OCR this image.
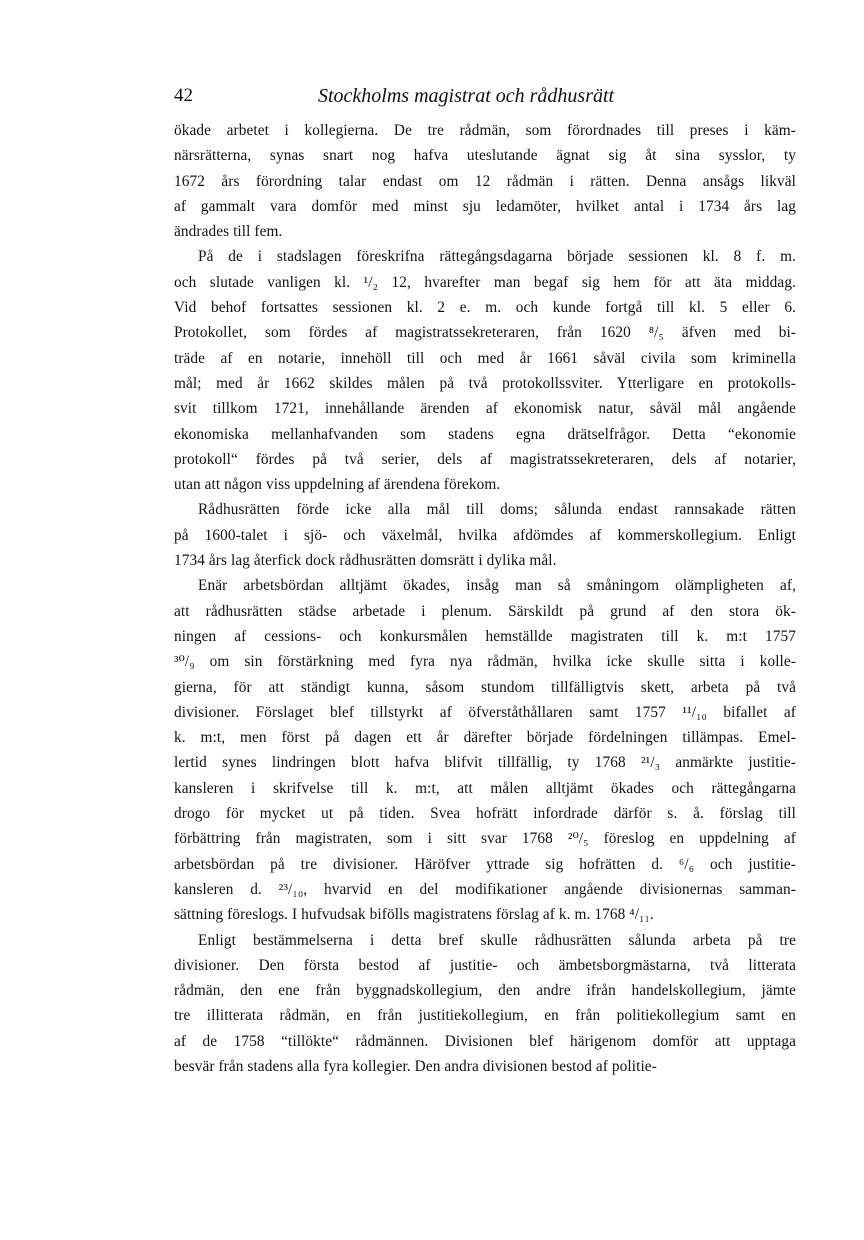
42	Stockholms magistrat och rådhusrätt
ökade arbetet i kollegierna. De tre rådmän, som förordnades till preses i käm-
närsrätterna, synas snart nog hafva uteslutande ägnat sig åt sina sysslor, ty
1672 års förordning talar endast om 12 rådmän i rätten. Denna ansågs likväl
af gammalt vara domför med minst sju ledamöter, hvilket antal i 1734 års lag
ändrades till fem.
På de i stadslagen föreskrifna rättegångsdagarna började sessionen kl. 8 f. m.
och slutade vanligen kl. ¹/₂ 12, hvarefter man begaf sig hem för att äta middag.
Vid behof fortsattes sessionen kl. 2 e. m. och kunde fortgå till kl. 5 eller 6.
Protokollet, som fördes af magistratssekreteraren, från 1620 ⁸/₅ äfven med bi-
träde af en notarie, innehöll till och med år 1661 såväl civila som kriminella
mål; med år 1662 skildes målen på två protokollssviter. Ytterligare en protokolls-
svit tillkom 1721, innehållande ärenden af ekonomisk natur, såväl mål angående
ekonomiska mellanhafvanden som stadens egna drätselfrågor. Detta “ekonomie
protokoll“ fördes på två serier, dels af magistratssekreteraren, dels af notarier,
utan att någon viss uppdelning af ärendena förekom.
Rådhusrätten förde icke alla mål till doms; sålunda endast rannsakade rätten
på 1600-talet i sjö- och växelmål, hvilka afdömdes af kommerskollegium. Enligt
1734 års lag återfick dock rådhusrätten domsrätt i dylika mål.
Enär arbetsbördan alltjämt ökades, insåg man så småningom olämpligheten af,
att rådhusrätten städse arbetade i plenum. Särskildt på grund af den stora ök-
ningen af cessions- och konkursmålen hemställde magistraten till k. m:t 1757
³⁰/₉ om sin förstärkning med fyra nya rådmän, hvilka icke skulle sitta i kolle-
gierna, för att ständigt kunna, såsom stundom tillfälligtvis skett, arbeta på två
divisioner. Förslaget blef tillstyrkt af öfverståthållaren samt 1757 ¹¹/₁₀ bifallet af
k. m:t, men först på dagen ett år därefter började fördelningen tillämpas. Emel-
lertid synes lindringen blott hafva blifvit tillfällig, ty 1768 ²¹/₃ anmärkte justitie-
kansleren i skrifvelse till k. m:t, att målen alltjämt ökades och rättegångarna
drogo för mycket ut på tiden. Svea hofrätt infordrade därför s. å. förslag till
förbättring från magistraten, som i sitt svar 1768 ²⁰/₅ föreslog en uppdelning af
arbetsbördan på tre divisioner. Häröfver yttrade sig hofrätten d. ⁶/₆ och justitie-
kansleren d. ²³/₁₀, hvarvid en del modifikationer angående divisionernas samman-
sättning föreslogs. I hufvudsak bifölls magistratens förslag af k. m. 1768 ⁴/₁₁.
Enligt bestämmelserna i detta bref skulle rådhusrätten sålunda arbeta på tre
divisioner. Den första bestod af justitie- och ämbetsborgmästarna, två litterata
rådmän, den ene från byggnadskollegium, den andre ifrån handelskollegium, jämte
tre illitterata rådmän, en från justitiekollegium, en från politiekollegium samt en
af de 1758 “tillökte“ rådmännen. Divisionen blef härigenom domför att upptaga
besvär från stadens alla fyra kollegier. Den andra divisionen bestod af politie-
